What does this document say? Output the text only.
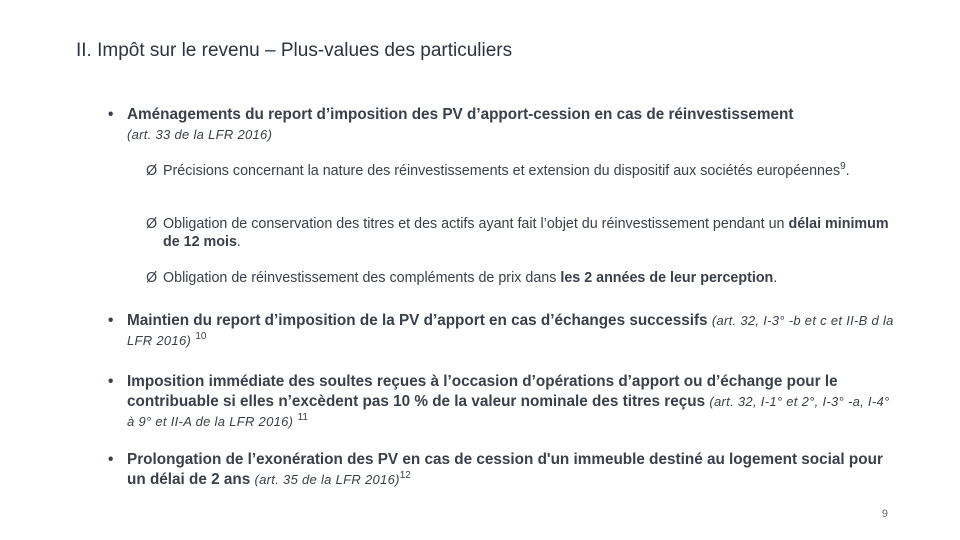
II. Impôt sur le revenu – Plus-values des particuliers
• Aménagements du report d’imposition des PV d’apport-cession en cas de réinvestissement
(art. 33 de la LFR 2016)
Ø Précisions concernant la nature des réinvestissements et extension du dispositif aux sociétés européennes$^9$.
Ø Obligation de conservation des titres et des actifs ayant fait l’objet du réinvestissement pendant un délai minimum de 12 mois.
Ø Obligation de réinvestissement des compléments de prix dans les 2 années de leur perception.
• Maintien du report d’imposition de la PV d’apport en cas d’échanges successifs (art. 32, I-3° -b et c et II-B d la LFR 2016) $^{10}$
• Imposition immédiate des soultes reçues à l’occasion d’opérations d’apport ou d’échange pour le contribuable si elles n’excèdent pas 10 % de la valeur nominale des titres reçus (art. 32, I-1° et 2°, I-3° -a, I-4° à 9° et II-A de la LFR 2016) $^{11}$
• Prolongation de l’exonération des PV en cas de cession d'un immeuble destiné au logement social pour un délai de 2 ans (art. 35 de la LFR 2016)$^{12}$
9
